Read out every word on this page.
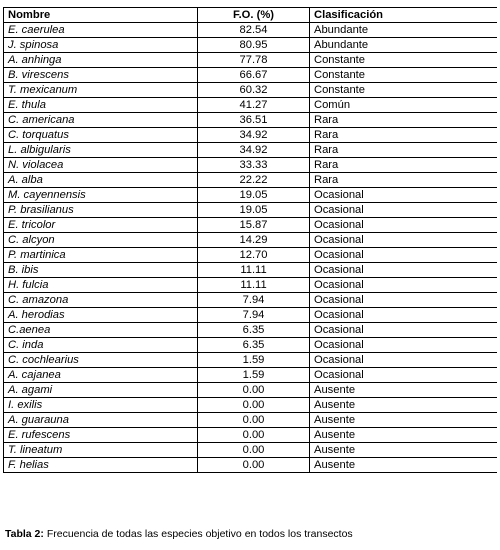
Nombre	F.O. (%)	Clasificación
E. caerulea	82.54	Abundante
J. spinosa	80.95	Abundante
A. anhinga	77.78	Constante
B. virescens	66.67	Constante
T. mexicanum	60.32	Constante
E. thula	41.27	Común
C. americana	36.51	Rara
C. torquatus	34.92	Rara
L. albigularis	34.92	Rara
N. violacea	33.33	Rara
A. alba	22.22	Rara
M. cayennensis	19.05	Ocasional
P. brasilianus	19.05	Ocasional
E. tricolor	15.87	Ocasional
C. alcyon	14.29	Ocasional
P. martinica	12.70	Ocasional
B. ibis	11.11	Ocasional
H. fulcia	11.11	Ocasional
C. amazona	7.94	Ocasional
A. herodias	7.94	Ocasional
C.aenea	6.35	Ocasional
C. inda	6.35	Ocasional
C. cochlearius	1.59	Ocasional
A. cajanea	1.59	Ocasional
A. agami	0.00	Ausente
I. exilis	0.00	Ausente
A. guarauna	0.00	Ausente
E. rufescens	0.00	Ausente
T. lineatum	0.00	Ausente
F. helias	0.00	Ausente
Tabla 2: Frecuencia de todas las especies objetivo en todos los transectos
